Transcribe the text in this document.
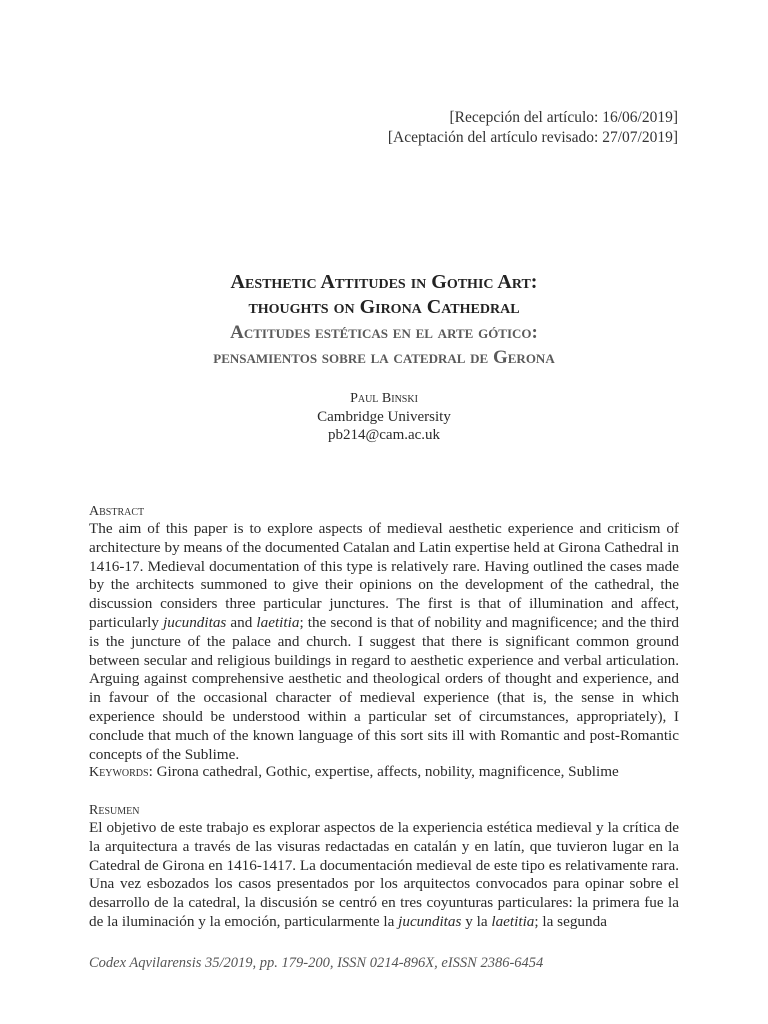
[Recepción del artículo: 16/06/2019]
[Aceptación del artículo revisado: 27/07/2019]
Aesthetic Attitudes in Gothic Art:
thoughts on Girona Cathedral
Actitudes estéticas en el arte gótico:
pensamientos sobre la catedral de Gerona
Paul Binski
Cambridge University
pb214@cam.ac.uk
Abstract
The aim of this paper is to explore aspects of medieval aesthetic experience and criticism of architecture by means of the documented Catalan and Latin expertise held at Girona Cathedral in 1416-17. Medieval documentation of this type is relatively rare. Having outlined the cases made by the architects summoned to give their opinions on the development of the cathedral, the discussion considers three particular junctures. The first is that of illumination and affect, particularly jucunditas and laetitia; the second is that of nobility and magnificence; and the third is the juncture of the palace and church. I suggest that there is significant common ground between secular and religious buildings in regard to aesthetic experience and verbal articulation. Arguing against comprehensive aesthetic and theological orders of thought and experience, and in favour of the occasional character of medieval experience (that is, the sense in which experience should be understood within a particular set of circumstances, appropriately), I conclude that much of the known language of this sort sits ill with Romantic and post-Romantic concepts of the Sublime.
Keywords: Girona cathedral, Gothic, expertise, affects, nobility, magnificence, Sublime
Resumen
El objetivo de este trabajo es explorar aspectos de la experiencia estética medieval y la crítica de la arquitectura a través de las visuras redactadas en catalán y en latín, que tuvieron lugar en la Catedral de Girona en 1416-1417. La documentación medieval de este tipo es relativamente rara. Una vez esbozados los casos presentados por los arquitectos convocados para opinar sobre el desarrollo de la catedral, la discusión se centró en tres coyunturas particulares: la primera fue la de la iluminación y la emoción, particularmente la jucunditas y la laetitia; la segunda
Codex Aqvilarensis 35/2019, pp. 179-200, ISSN 0214-896X, eISSN 2386-6454
